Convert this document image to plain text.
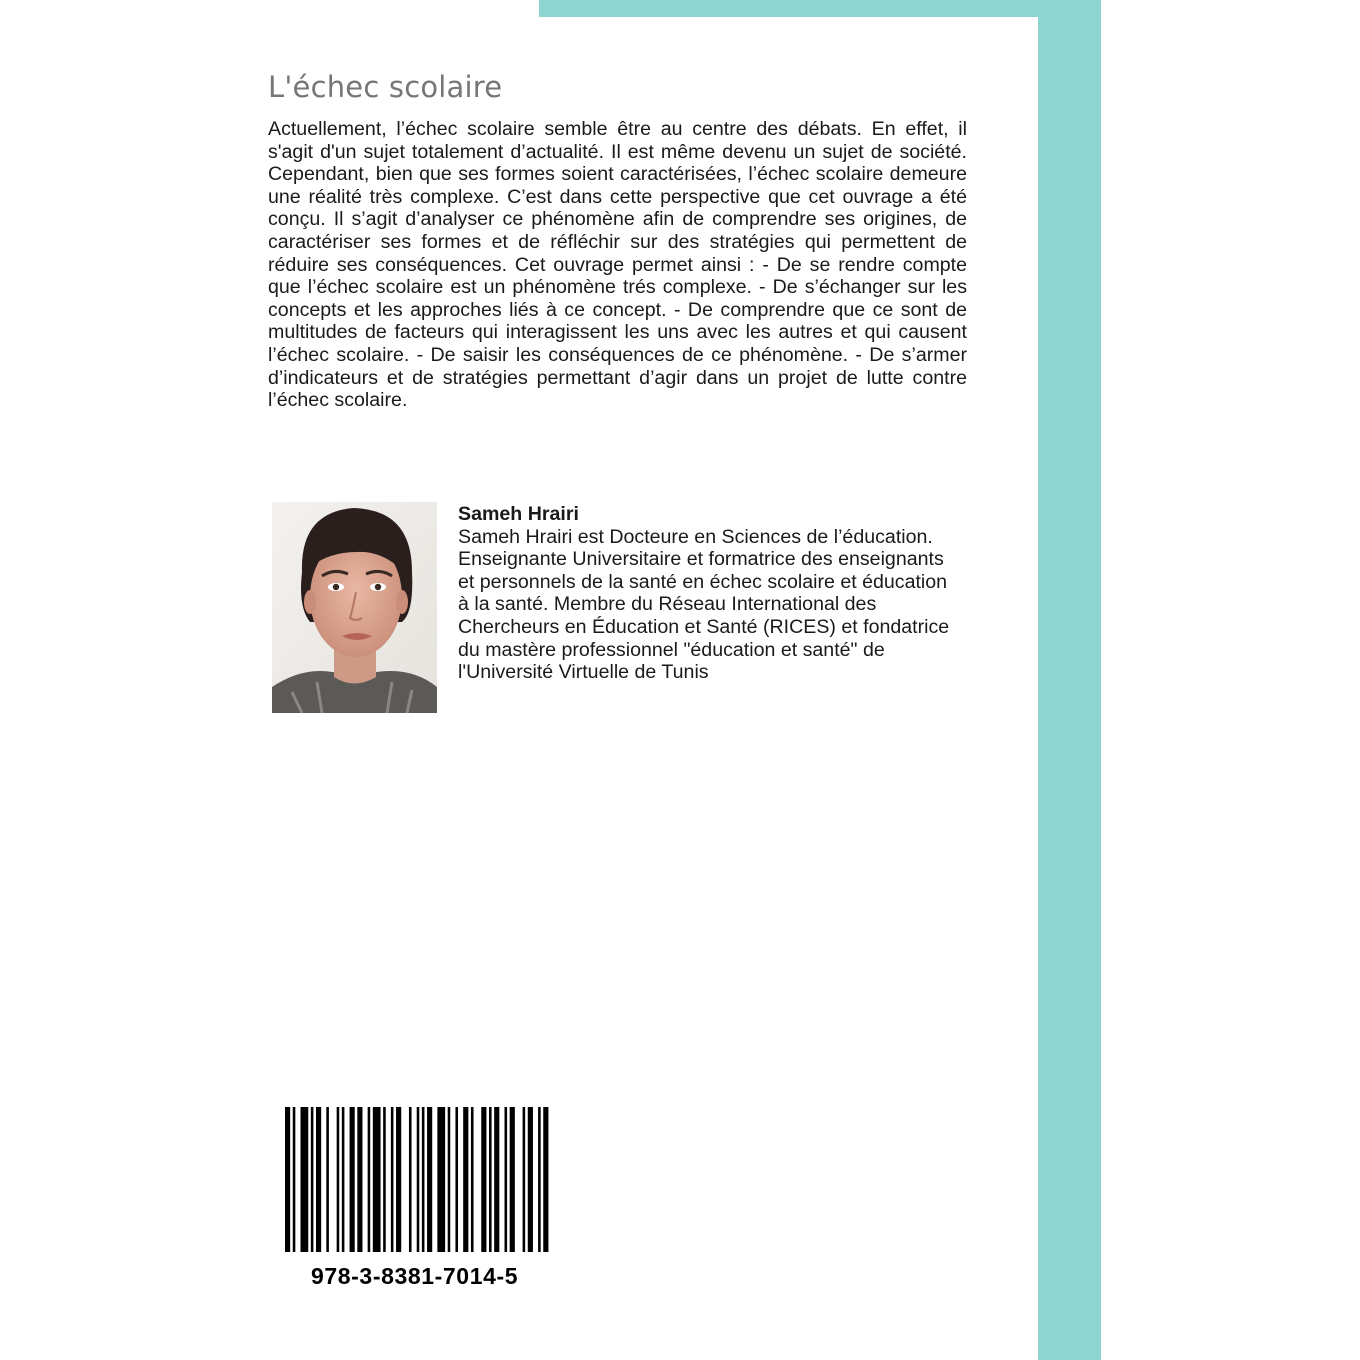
L'échec scolaire

Actuellement, l’échec scolaire semble être au centre des débats. En effet, il s'agit d'un sujet totalement d’actualité. Il est même devenu un sujet de société. Cependant, bien que ses formes soient caractérisées, l’échec scolaire demeure une réalité très complexe. C’est dans cette perspective que cet ouvrage a été conçu. Il s’agit d’analyser ce phénomène afin de comprendre ses origines, de caractériser ses formes et de réfléchir sur des stratégies qui permettent de réduire ses conséquences. Cet ouvrage permet ainsi : - De se rendre compte que l’échec scolaire est un phénomène trés complexe. - De s’échanger sur les concepts et les approches liés à ce concept. - De comprendre que ce sont de multitudes de facteurs qui interagissent les uns avec les autres et qui causent l’échec scolaire. - De saisir les conséquences de ce phénomène. - De s’armer d’indicateurs et de stratégies permettant d’agir dans un projet de lutte contre l’échec scolaire.

Sameh Hrairi

Sameh Hrairi est Docteure en Sciences de l’éducation. Enseignante Universitaire et formatrice des enseignants et personnels de la santé en échec scolaire et éducation à la santé. Membre du Réseau International des Chercheurs en Éducation et Santé (RICES) et fondatrice du mastère professionnel "éducation et santé" de l'Université Virtuelle de Tunis

978-3-8381-7014-5
